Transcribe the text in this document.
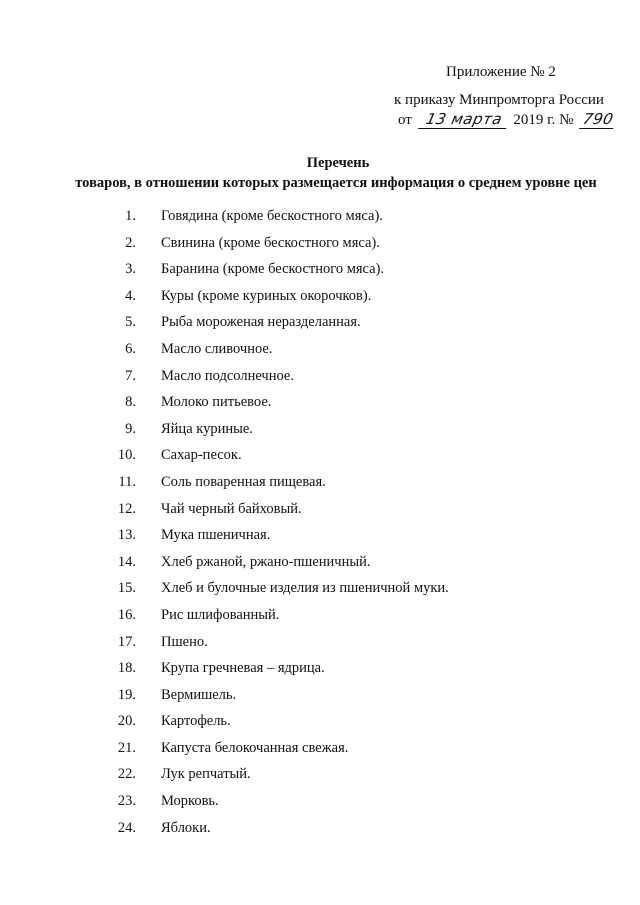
Приложение № 2
к приказу Минпромторга России
от 13 марта 2019 г. № 790
Перечень
товаров, в отношении которых размещается информация о среднем уровне цен
1. Говядина (кроме бескостного мяса).
2. Свинина (кроме бескостного мяса).
3. Баранина (кроме бескостного мяса).
4. Куры (кроме куриных окорочков).
5. Рыба мороженая неразделанная.
6. Масло сливочное.
7. Масло подсолнечное.
8. Молоко питьевое.
9. Яйца куриные.
10. Сахар-песок.
11. Соль поваренная пищевая.
12. Чай черный байховый.
13. Мука пшеничная.
14. Хлеб ржаной, ржано-пшеничный.
15. Хлеб и булочные изделия из пшеничной муки.
16. Рис шлифованный.
17. Пшено.
18. Крупа гречневая – ядрица.
19. Вермишель.
20. Картофель.
21. Капуста белокочанная свежая.
22. Лук репчатый.
23. Морковь.
24. Яблоки.
